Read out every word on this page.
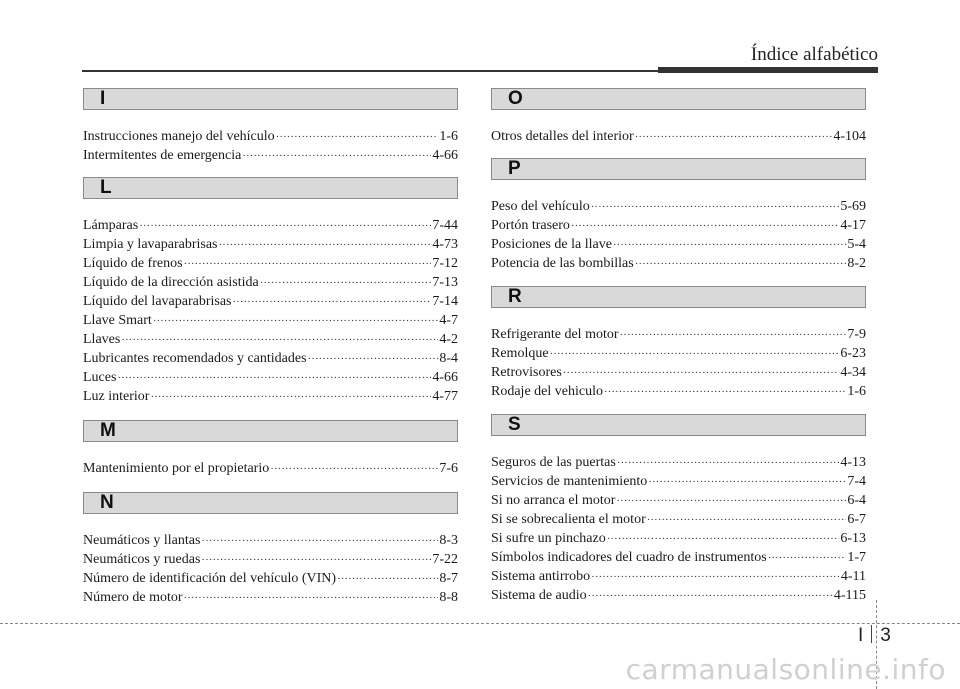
Índice alfabético
I
Instrucciones manejo del vehículo ·····	1-6
Intermitentes de emergencia ·····	4-66
L
Lámparas ·····	7-44
Limpia y lavaparabrisas ·····	4-73
Líquido de frenos ·····	7-12
Líquido de la dirección asistida ·····	7-13
Líquido del lavaparabrisas ·····	7-14
Llave Smart ·····	4-7
Llaves ·····	4-2
Lubricantes recomendados y cantidades ·····	8-4
Luces ·····	4-66
Luz interior ·····	4-77
M
Mantenimiento por el propietario ·····	7-6
N
Neumáticos y llantas ·····	8-3
Neumáticos y ruedas ·····	7-22
Número de identificación del vehículo (VIN) ·····	8-7
Número de motor ·····	8-8
O
Otros detalles del interior ·····	4-104
P
Peso del vehículo ·····	5-69
Portón trasero ·····	4-17
Posiciones de la llave ·····	5-4
Potencia de las bombillas ·····	8-2
R
Refrigerante del motor ·····	7-9
Remolque ·····	6-23
Retrovisores ·····	4-34
Rodaje del vehiculo ·····	1-6
S
Seguros de las puertas ·····	4-13
Servicios de mantenimiento ·····	7-4
Si no arranca el motor ·····	6-4
Si se sobrecalienta el motor ·····	6-7
Si sufre un pinchazo ·····	6-13
Símbolos indicadores del cuadro de instrumentos ·····	1-7
Sistema antirrobo ·····	4-11
Sistema de audio ·····	4-115
I 3
carmanualsonline.info
